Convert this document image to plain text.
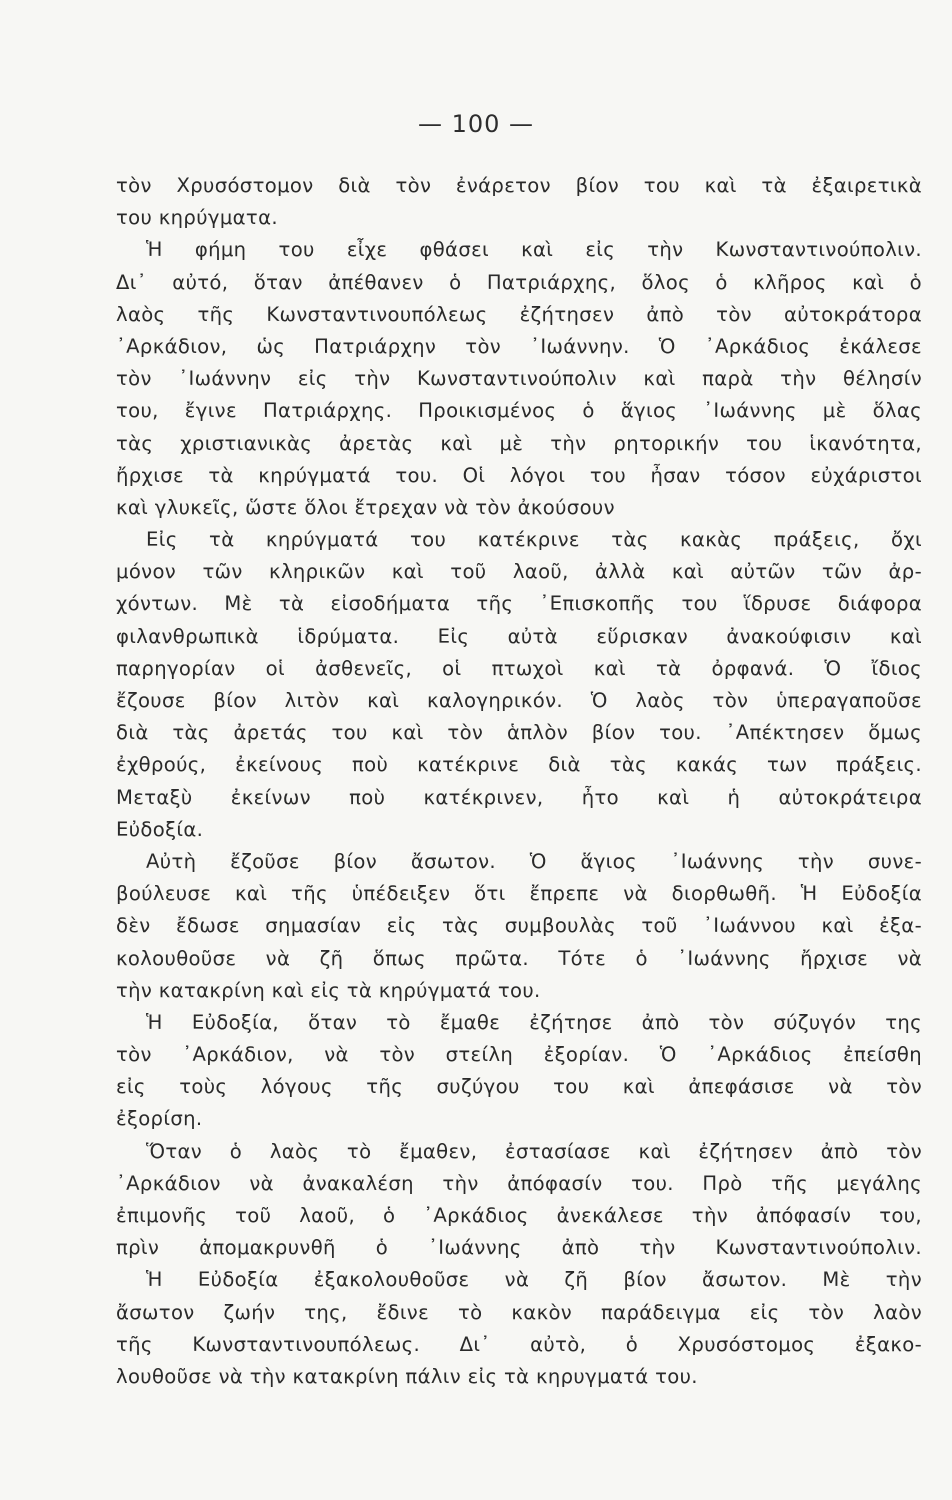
— 100 —
τὸν Χρυσόστομον διὰ τὸν ἐνάρετον βίον του καὶ τὰ ἐξαιρετικὰ
του κηρύγματα.
Ἡ φήμη του εἶχε φθάσει καὶ εἰς τὴν Κωνσταντινούπολιν.
Δι᾿ αὐτό, ὅταν ἀπέθανεν ὁ Πατριάρχης, ὅλος ὁ κλῆρος καὶ ὁ
λαὸς τῆς Κωνσταντινουπόλεως ἐζήτησεν ἀπὸ τὸν αὐτοκράτορα
᾿Αρκάδιον, ὡς Πατριάρχην τὸν ᾿Ιωάννην. Ὁ ᾿Αρκάδιος ἐκάλεσε
τὸν ᾿Ιωάννην εἰς τὴν Κωνσταντινούπολιν καὶ παρὰ τὴν θέλησίν
του, ἔγινε Πατριάρχης. Προικισμένος ὁ ἅγιος ᾿Ιωάννης μὲ ὅλας
τὰς χριστιανικὰς ἀρετὰς καὶ μὲ τὴν ρητορικήν του ἱκανότητα,
ἤρχισε τὰ κηρύγματά του. Οἱ λόγοι του ἦσαν τόσον εὐχάριστοι
καὶ γλυκεῖς, ὥστε ὅλοι ἔτρεχαν νὰ τὸν ἀκούσουν
Εἰς τὰ κηρύγματά του κατέκρινε τὰς κακὰς πράξεις, ὄχι
μόνον τῶν κληρικῶν καὶ τοῦ λαοῦ, ἀλλὰ καὶ αὐτῶν τῶν ἀρ-
χόντων. Μὲ τὰ εἰσοδήματα τῆς ᾿Επισκοπῆς του ἵδρυσε διάφορα
φιλανθρωπικὰ ἱδρύματα. Εἰς αὐτὰ εὕρισκαν ἀνακούφισιν καὶ
παρηγορίαν οἱ ἀσθενεῖς, οἱ πτωχοὶ καὶ τὰ ὀρφανά. Ὁ ἴδιος
ἔζουσε βίον λιτὸν καὶ καλογηρικόν. Ὁ λαὸς τὸν ὑπεραγαποῦσε
διὰ τὰς ἀρετάς του καὶ τὸν ἁπλὸν βίον του. ᾿Απέκτησεν ὅμως
ἐχθρούς, ἐκείνους ποὺ κατέκρινε διὰ τὰς κακάς των πράξεις.
Μεταξὺ ἐκείνων ποὺ κατέκρινεν, ἦτο καὶ ἡ αὐτοκράτειρα
Εὐδοξία.
Αὐτὴ ἔζοῦσε βίον ἄσωτον. Ὁ ἅγιος ᾿Ιωάννης τὴν συνε-
βούλευσε καὶ τῆς ὑπέδειξεν ὅτι ἔπρεπε νὰ διορθωθῆ. Ἡ Εὐδοξία
δὲν ἔδωσε σημασίαν εἰς τὰς συμβουλὰς τοῦ ᾿Ιωάννου καὶ ἐξα-
κολουθοῦσε νὰ ζῆ ὅπως πρῶτα. Τότε ὁ ᾿Ιωάννης ἤρχισε νὰ
τὴν κατακρίνη καὶ εἰς τὰ κηρύγματά του.
Ἡ Εὐδοξία, ὅταν τὸ ἔμαθε ἐζήτησε ἀπὸ τὸν σύζυγόν της
τὸν ᾿Αρκάδιον, νὰ τὸν στείλη ἐξορίαν. Ὁ ᾿Αρκάδιος ἐπείσθη
εἰς τοὺς λόγους τῆς συζύγου του καὶ ἀπεφάσισε νὰ τὸν
ἐξορίση.
Ὅταν ὁ λαὸς τὸ ἔμαθεν, ἐστασίασε καὶ ἐζήτησεν ἀπὸ τὸν
᾿Αρκάδιον νὰ ἀνακαλέση τὴν ἀπόφασίν του. Πρὸ τῆς μεγάλης
ἐπιμονῆς τοῦ λαοῦ, ὁ ᾿Αρκάδιος ἀνεκάλεσε τὴν ἀπόφασίν του,
πρὶν ἀπομακρυνθῆ ὁ ᾿Ιωάννης ἀπὸ τὴν Κωνσταντινούπολιν.
Ἡ Εὐδοξία ἐξακολουθοῦσε νὰ ζῆ βίον ἄσωτον. Μὲ τὴν
ἄσωτον ζωήν της, ἔδινε τὸ κακὸν παράδειγμα εἰς τὸν λαὸν
τῆς Κωνσταντινουπόλεως. Δι᾿ αὐτὸ, ὁ Χρυσόστομος ἐξακο-
λουθοῦσε νὰ τὴν κατακρίνη πάλιν εἰς τὰ κηρυγματά του.
